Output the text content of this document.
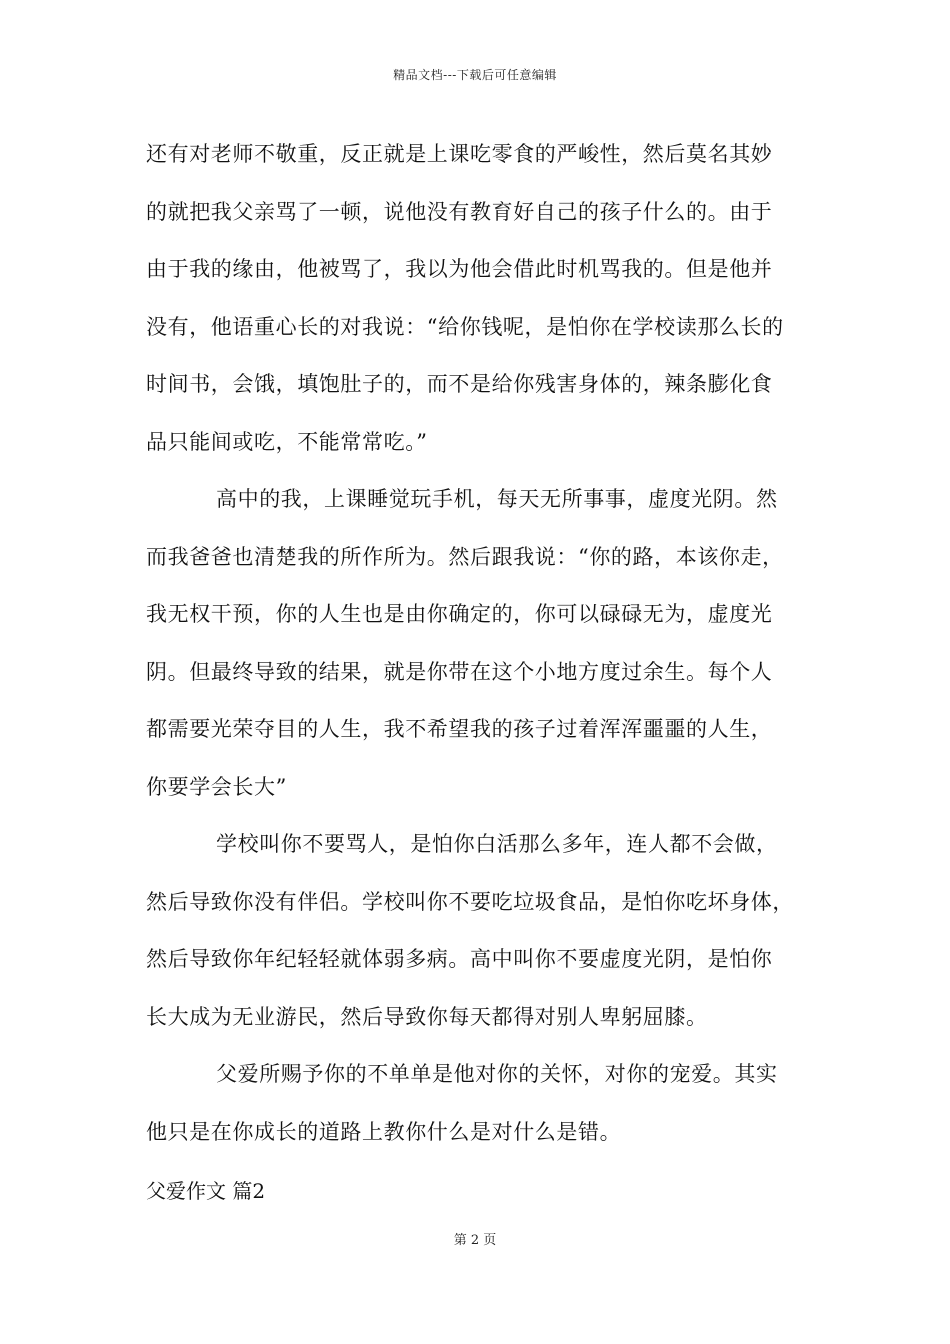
精品文档---下载后可任意编辑
还有对老师不敬重，反正就是上课吃零食的严峻性，然后莫名其妙
的就把我父亲骂了一顿，说他没有教育好自己的孩子什么的。由于
由于我的缘由，他被骂了，我以为他会借此时机骂我的。但是他并
没有，他语重心长的对我说：“给你钱呢，是怕你在学校读那么长的
时间书，会饿，填饱肚子的，而不是给你残害身体的，辣条膨化食
品只能间或吃，不能常常吃。”
高中的我，上课睡觉玩手机，每天无所事事，虚度光阴。然
而我爸爸也清楚我的所作所为。然后跟我说：“你的路，本该你走，
我无权干预，你的人生也是由你确定的，你可以碌碌无为，虚度光
阴。但最终导致的结果，就是你带在这个小地方度过余生。每个人
都需要光荣夺目的人生，我不希望我的孩子过着浑浑噩噩的人生，
你要学会长大”
学校叫你不要骂人，是怕你白活那么多年，连人都不会做，
然后导致你没有伴侣。学校叫你不要吃垃圾食品，是怕你吃坏身体，
然后导致你年纪轻轻就体弱多病。高中叫你不要虚度光阴，是怕你
长大成为无业游民，然后导致你每天都得对别人卑躬屈膝。
父爱所赐予你的不单单是他对你的关怀，对你的宠爱。其实
他只是在你成长的道路上教你什么是对什么是错。
父爱作文 篇2
第 2 页
